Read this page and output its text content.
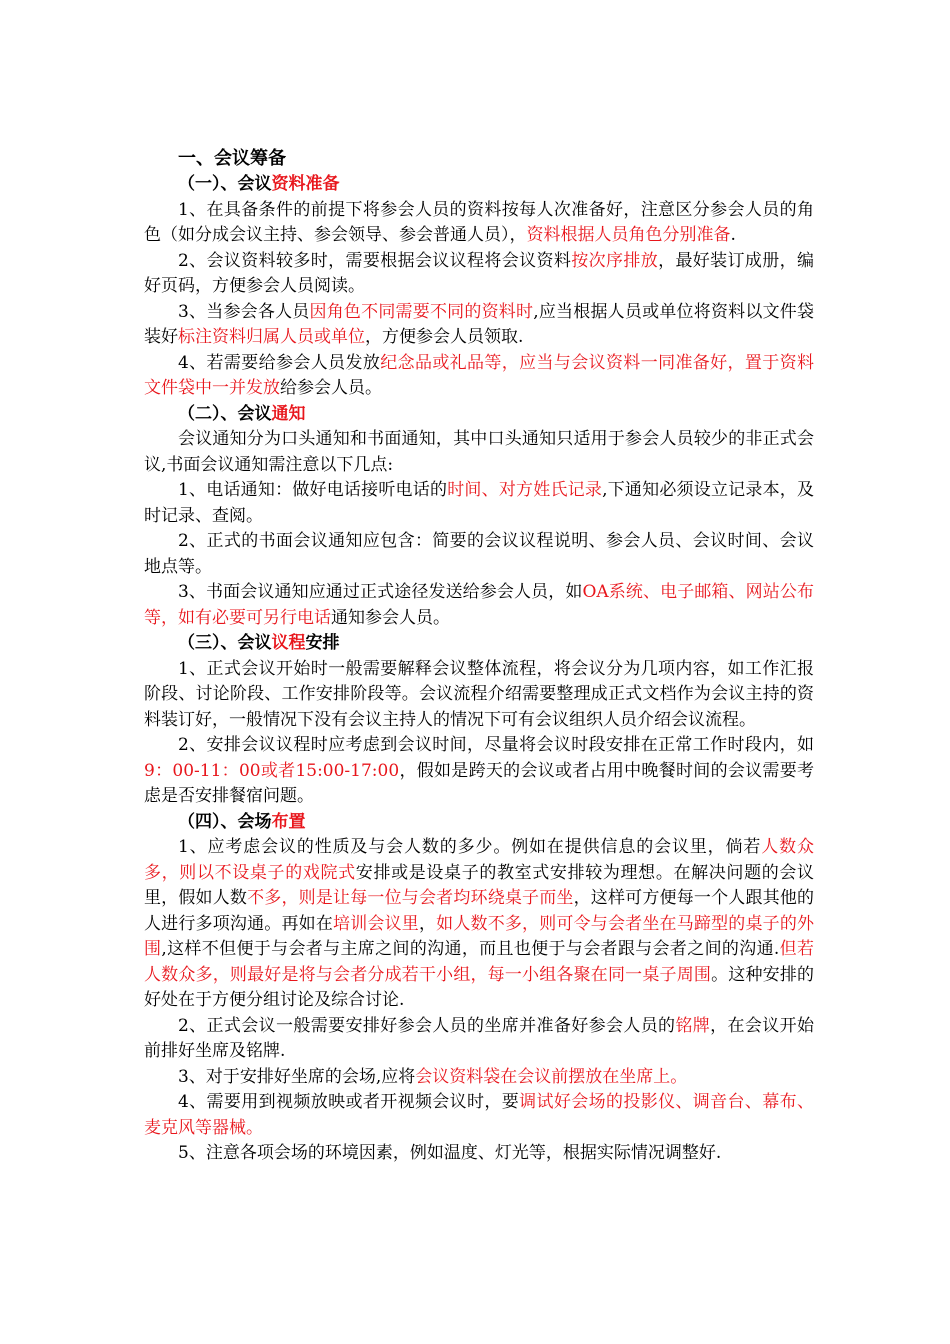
一、会议筹备
（一）、会议资料准备

1、在具备条件的前提下将参会人员的资料按每人次准备好，注意区分参会人员的角色（如分成会议主持、参会领导、参会普通人员），资料根据人员角色分别准备.

2、会议资料较多时，需要根据会议议程将会议资料按次序排放，最好装订成册，编好页码，方便参会人员阅读。

3、当参会各人员因角色不同需要不同的资料时,应当根据人员或单位将资料以文件袋装好标注资料归属人员或单位，方便参会人员领取.

4、若需要给参会人员发放纪念品或礼品等，应当与会议资料一同准备好，置于资料文件袋中一并发放给参会人员。

（二）、会议通知

会议通知分为口头通知和书面通知，其中口头通知只适用于参会人员较少的非正式会议,书面会议通知需注意以下几点:

1、电话通知：做好电话接听电话的时间、对方姓氏记录,下通知必须设立记录本，及时记录、查阅。

2、正式的书面会议通知应包含：简要的会议议程说明、参会人员、会议时间、会议地点等。

3、书面会议通知应通过正式途径发送给参会人员，如OA系统、电子邮箱、网站公布等，如有必要可另行电话通知参会人员。

（三）、会议议程安排

1、正式会议开始时一般需要解释会议整体流程，将会议分为几项内容，如工作汇报阶段、讨论阶段、工作安排阶段等。会议流程介绍需要整理成正式文档作为会议主持的资料装订好，一般情况下没有会议主持人的情况下可有会议组织人员介绍会议流程。

2、安排会议议程时应考虑到会议时间，尽量将会议时段安排在正常工作时段内，如9：00-11：00或者15:00-17:00，假如是跨天的会议或者占用中晚餐时间的会议需要考虑是否安排餐宿问题。

（四）、会场布置

1、应考虑会议的性质及与会人数的多少。例如在提供信息的会议里，倘若人数众多，则以不设桌子的戏院式安排或是设桌子的教室式安排较为理想。在解决问题的会议里，假如人数不多，则是让每一位与会者均环绕桌子而坐，这样可方便每一个人跟其他的人进行多项沟通。再如在培训会议里，如人数不多，则可令与会者坐在马蹄型的桌子的外围,这样不但便于与会者与主席之间的沟通，而且也便于与会者跟与会者之间的沟通.但若人数众多，则最好是将与会者分成若干小组，每一小组各聚在同一桌子周围。这种安排的好处在于方便分组讨论及综合讨论.

2、正式会议一般需要安排好参会人员的坐席并准备好参会人员的铭牌，在会议开始前排好坐席及铭牌.

3、对于安排好坐席的会场,应将会议资料袋在会议前摆放在坐席上。

4、需要用到视频放映或者开视频会议时，要调试好会场的投影仪、调音台、幕布、麦克风等器械。

5、注意各项会场的环境因素，例如温度、灯光等，根据实际情况调整好.
